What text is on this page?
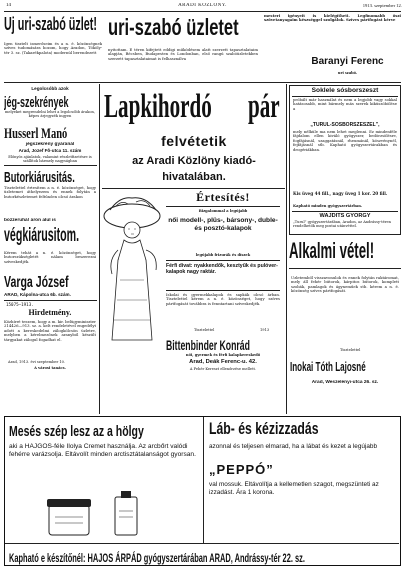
14	ARADI KÖZLÖNY.	1913. szeptember 12.
Uj uri-szabó üzlet! uri-szabó üzletet
Igen tisztelt ismerőseim és a n. é. közönségnek szíves tudomására hozom, hogy Aradon, Tököly-tér 3. sz. (Takarékpalota) modernül berendezett
nyitottam. E téren kifejtett eddigi működésem alatt szerzett tapasztalataim alapján, Bécsben, Budapesten és Londonban, első rangú szabóüzletekben szerzett tapasztalataimat is felhasználva
mesteri igényeit is kielégítheti. Legfinomabb őszi szövetanyagaim készséggel szolgálok. Szíves pártfogást kérve
Baranyi Ferenc
uri szabó.
Legolcsóbb azok
jég-szekrények
melyeket megrendelni lehet a legolcsóbb árakon, képes árjegyzék ingyen
Husserl Manó
jégszekrény gyáránál
Arad, Jozef Fõ-utca 11. szám
Előnyös ajánlatok, valamint részletfizetésre is szállítok bármely nagyságban
Butorkiárusitás.
Tisztelettel értesítem a n. é. közönséget, hogy üzletemet áthelyezem és ennek folytán a butorkészletemet feltűnően olcsó árakon
bozzeruhá! áron alul is
végkiárusitom.
Kérem tehát a n. é. közönséget, hogy butorszükségletét nálam beszerezni szíveskedjék.
Varga József
ARAD, Kápolna-utca 6b. szám.
15075—1913.
Hirdetmény.
Közhírré teszem, hogy a m. kir. belügyminiszter 214426—913. sz. a. kelt rendeletével engedélyt adott a kereskedelmi zálogkölcsön üzletre, melyben a kérelmezőnek aranyból készült tárgyakat zálogul fogadhat el.
Arad, 1913. évi szeptember 10.
A városi tanács.
Lapkihordó	pár
felvétetik
az Aradi Közlöny kiadó-
hivatalában.
Értesítés!
Bizgalommal a legújabb
női modell-, plüs-, bársony-, duble- és posztó-kalapok
legújabb frizurák és díszek
Férfi divat: nyakkendők, kesztyűk és pulóver-kalapok nagy raktár.
Iskolai és gyermekkalapok és sapkák olcsó árban. Tisztelettel kérem a n. é. közönséget, hogy szíves pártfogását továbbra is fenntartani szíveskedjék.
Tisztelettel	1913
Bittenbinder Konrád
női, gyermek és férfi kalapkereskedő
Arad, Deák Ferenc-u. 42.
A Fehér Kereszt ellenőrzése mellett.
Soklele sósborszeszt
próbált már használat és nem a legjobb vagy sokkal hatásosabb, mint bármely más szerek kiküszöbölése a
„TURUL-SÓSBORSZESZEL”,
mely nélküle ma nem lehet meglenni. Ez mindenféle fájdalom ellen kiváló gyógyszer, bedörzsölésre, fogfájásnál, szaggatásnál, rheumánál, köszvénynél, fejfájásnál stb. Kapható gyógyszertárakban és drogériákban.
Kis üveg 44 fill., nagy üveg 1 kor. 20 fill.
Kapható minden gyógyszertárban.
WAJDITS GYÖRGY
„Turul” gyógyszertárában, Aradon, az Andrássy-téren rendelhetők meg postai utánvéttel.
Alkalmi vétel!
Üzletemből visszavonulok és ennek folytán raktáromat, mely áll fehér bútorok, kárpitos bútorok, komplett szobák, pamlagok és ágyneműek stb. kérem a n. é. közönség szíves pártfogását.
Tisztelettel
Inokai Tóth Lajosné
Arad, Weszelényi-utca 26. sz.
Mesés szép lesz az a hölgy
aki a HAJGÓS-féle Ilolya Cremet használja. Az arcbőrt valódi fehérre varázsolja. Eltávolít minden arctisztátalanságot gyorsan.
Láb- és kézizzadás
azonnal és teljesen elmarad, ha a lábat és kezet a legújabb
„PEPPÓ”
val mossuk. Eltávolítja a kellemetlen szagot, megszünteti az izzadást. Ára 1 korona.
Kapható e készítőnél: HAJOS ÁRPÁD gyógyszertárában ARAD, Andrássy-tér 22. sz.
